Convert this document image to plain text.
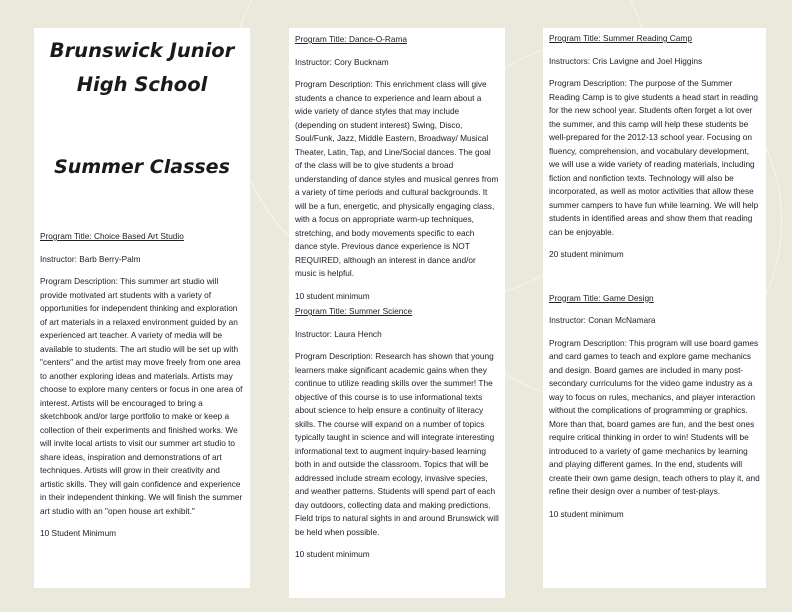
Brunswick Junior
High School
Summer Classes

Program Title: Choice Based Art Studio

Instructor: Barb Berry-Palm

Program Description: This summer art studio will provide motivated art students with a variety of opportunities for independent thinking and exploration of art materials in a relaxed environment guided by an experienced art teacher. A variety of media will be available to students. The art studio will be set up with "centers" and the artist may move freely from one area to another exploring ideas and materials. Artists may choose to explore many centers or focus in one area of interest. Artists will be encouraged to bring a sketchbook and/or large portfolio to make or keep a collection of their experiments and finished works. We will invite local artists to visit our summer art studio to share ideas, inspiration and demonstrations of art techniques. Artists will grow in their creativity and artistic skills. They will gain confidence and experience in their independent thinking. We will finish the summer art studio with an "open house art exhibit."

10 Student Minimum

Program Title: Dance-O-Rama

Instructor: Cory Bucknam

Program Description: This enrichment class will give students a chance to experience and learn about a wide variety of dance styles that may include (depending on student interest) Swing, Disco, Soul/Funk, Jazz, Middle Eastern, Broadway/ Musical Theater, Latin, Tap, and Line/Social dances. The goal of the class will be to give students a broad understanding of dance styles and musical genres from a variety of time periods and cultural backgrounds. It will be a fun, energetic, and physically engaging class, with a focus on appropriate warm-up techniques, stretching, and body movements specific to each dance style. Previous dance experience is NOT REQUIRED, although an interest in dance and/or music is helpful.

10 student minimum

Program Title: Summer Science

Instructor: Laura Hench

Program Description: Research has shown that young learners make significant academic gains when they continue to utilize reading skills over the summer! The objective of this course is to use informational texts about science to help ensure a continuity of literacy skills. The course will expand on a number of topics typically taught in science and will integrate interesting informational text to augment inquiry-based learning both in and outside the classroom. Topics that will be addressed include stream ecology, invasive species, and weather patterns. Students will spend part of each day outdoors, collecting data and making predictions. Field trips to natural sights in and around Brunswick will be held when possible.

10 student minimum

Program Title: Summer Reading Camp

Instructors: Cris Lavigne and Joel Higgins

Program Description: The purpose of the Summer Reading Camp is to give students a head start in reading for the new school year. Students often forget a lot over the summer, and this camp will help these students be well-prepared for the 2012-13 school year. Focusing on fluency, comprehension, and vocabulary development, we will use a wide variety of reading materials, including fiction and nonfiction texts. Technology will also be incorporated, as well as motor activities that allow these summer campers to have fun while learning. We will help students in identified areas and show them that reading can be enjoyable.

20 student minimum

Program Title: Game Design

Instructor: Conan McNamara

Program Description: This program will use board games and card games to teach and explore game mechanics and design. Board games are included in many post-secondary curriculums for the video game industry as a way to focus on rules, mechanics, and player interaction without the complications of programming or graphics. More than that, board games are fun, and the best ones require critical thinking in order to win! Students will be introduced to a variety of game mechanics by learning and playing different games. In the end, students will create their own game design, teach others to play it, and refine their design over a number of test-plays.

10 student minimum
